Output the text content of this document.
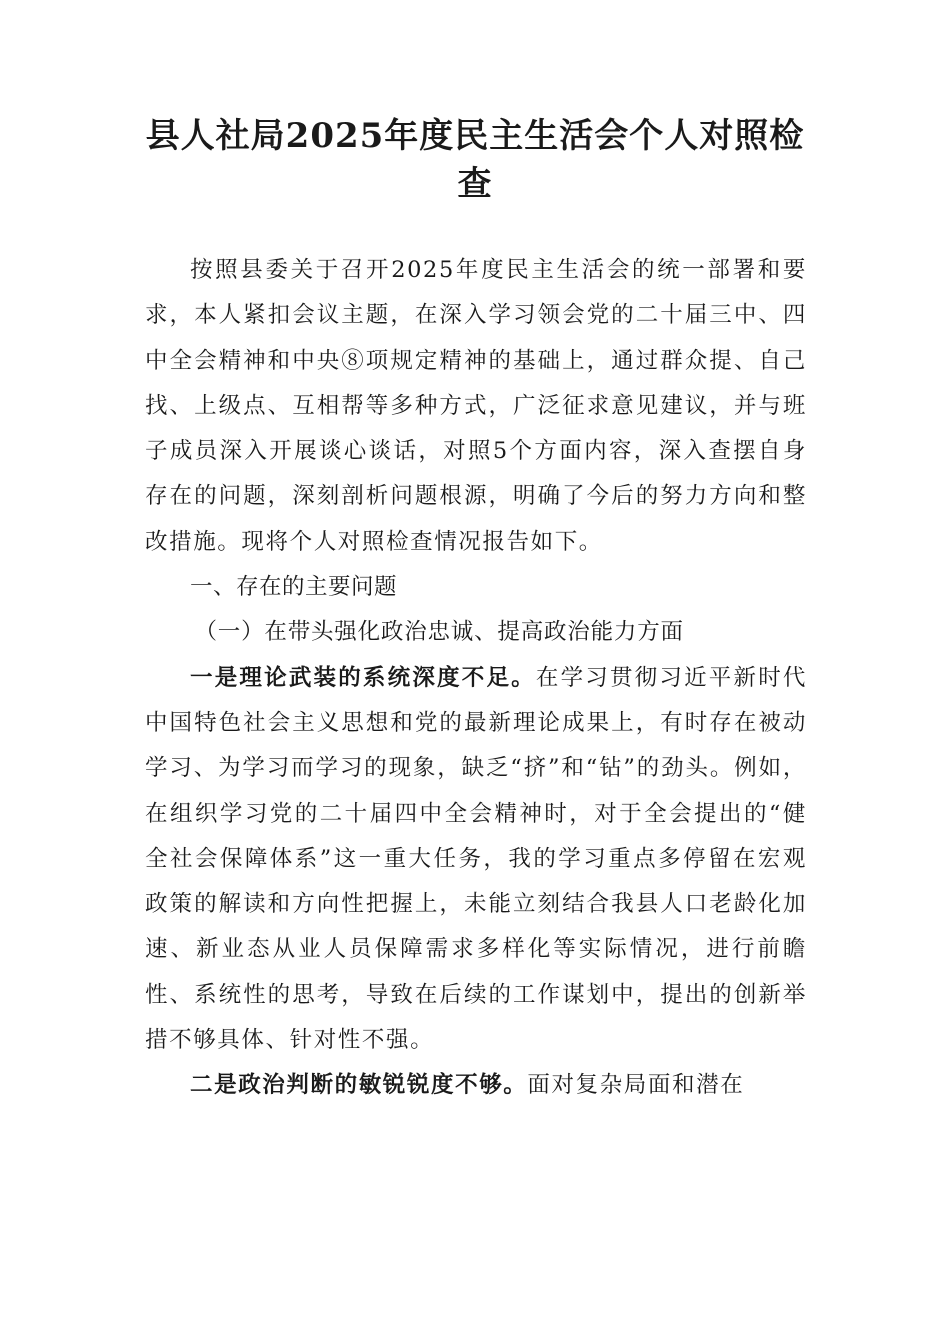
县人社局2025年度民主生活会个人对照检查

按照县委关于召开2025年度民主生活会的统一部署和要求，本人紧扣会议主题，在深入学习领会党的二十届三中、四中全会精神和中央⑧项规定精神的基础上，通过群众提、自己找、上级点、互相帮等多种方式，广泛征求意见建议，并与班子成员深入开展谈心谈话，对照5个方面内容，深入查摆自身存在的问题，深刻剖析问题根源，明确了今后的努力方向和整改措施。现将个人对照检查情况报告如下。

一、存在的主要问题

（一）在带头强化政治忠诚、提高政治能力方面

一是理论武装的系统深度不足。在学习贯彻习近平新时代中国特色社会主义思想和党的最新理论成果上，有时存在被动学习、为学习而学习的现象，缺乏“挤”和“钻”的劲头。例如，在组织学习党的二十届四中全会精神时，对于全会提出的“健全社会保障体系”这一重大任务，我的学习重点多停留在宏观政策的解读和方向性把握上，未能立刻结合我县人口老龄化加速、新业态从业人员保障需求多样化等实际情况，进行前瞻性、系统性的思考，导致在后续的工作谋划中，提出的创新举措不够具体、针对性不强。

二是政治判断的敏锐锐度不够。面对复杂局面和潜在
